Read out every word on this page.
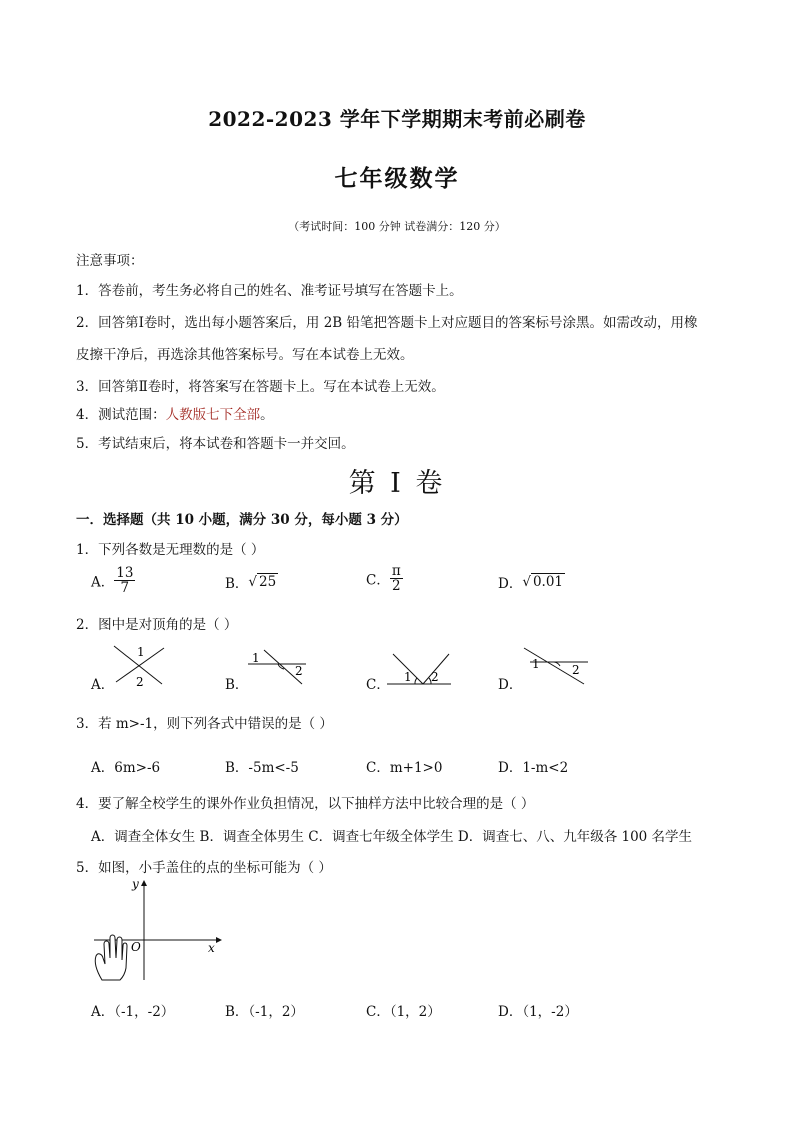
2022-2023 学年下学期期末考前必刷卷
七年级数学
（考试时间：100 分钟 试卷满分：120 分）
注意事项：
1．答卷前，考生务必将自己的姓名、准考证号填写在答题卡上。
2．回答第Ⅰ卷时，选出每小题答案后，用 2B 铅笔把答题卡上对应题目的答案标号涂黑。如需改动，用橡
皮擦干净后，再选涂其他答案标号。写在本试卷上无效。
3．回答第Ⅱ卷时，将答案写在答题卡上。写在本试卷上无效。
4．测试范围：人教版七下全部。
5．考试结束后，将本试卷和答题卡一并交回。
第 I 卷
一．选择题（共 10 小题，满分 30 分，每小题 3 分）
1．下列各数是无理数的是（ ）
A． $\frac{13}{7}$	B．√ 25	C． $\frac{\pi}{2}$	D．√ 0.01
2．图中是对顶角的是（ ）
A．
1
2	B．
1
2
C． 1 2	D．
1	2
3．若 m>-1，则下列各式中错误的是（ ）
A．6m>-6	B．-5m<-5	C．m+1>0	D．1-m<2
4．要了解全校学生的课外作业负担情况，以下抽样方法中比较合理的是（ ）
A．调查全体女生 B．调查全体男生 C．调查七年级全体学生 D．调查七、八、九年级各 100 名学生
5．如图，小手盖住的点的坐标可能为（ ）
y
x
O
A．（-1，-2）	B．（-1，2）	C．（1，2）	D．（1，-2）
